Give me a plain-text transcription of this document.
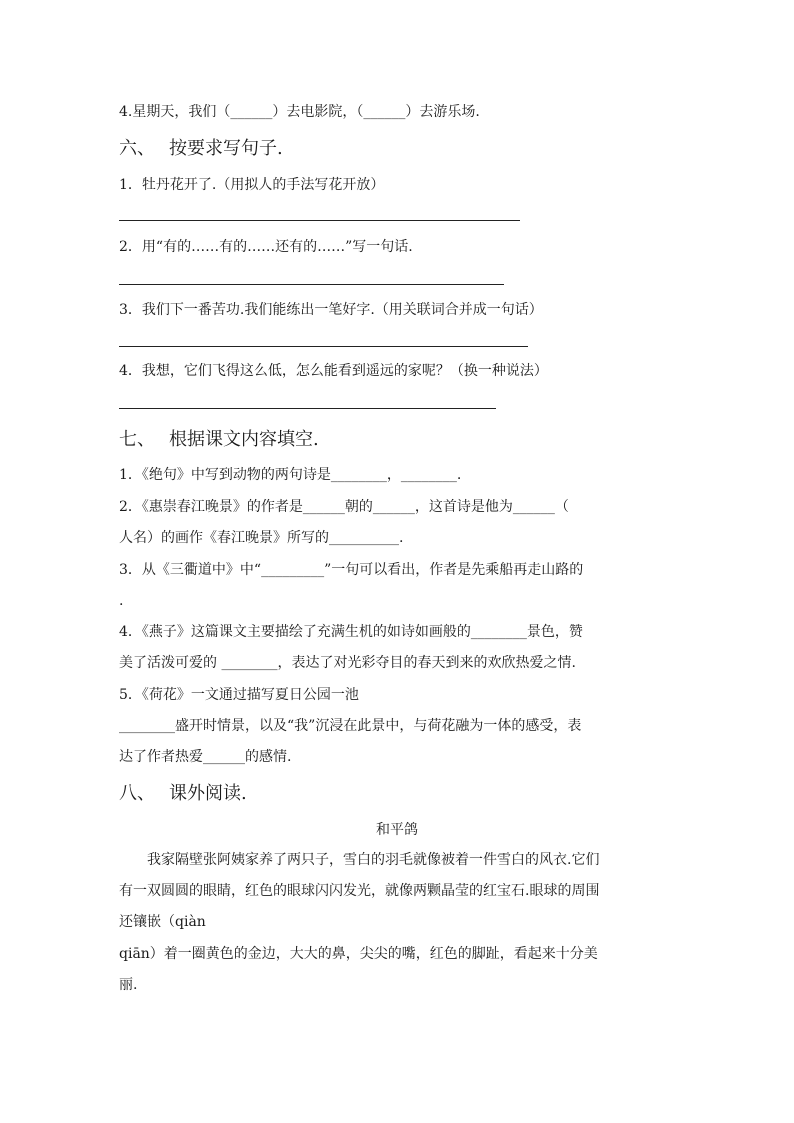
4.星期天，我们（______）去电影院，（______）去游乐场.
六、 按要求写句子.
1．牡丹花开了.（用拟人的手法写花开放）
2．用“有的……有的……还有的……”写一句话.
3．我们下一番苦功.我们能练出一笔好字.（用关联词合并成一句话）
4．我想，它们飞得这么低，怎么能看到遥远的家呢？（换一种说法）
七、 根据课文内容填空.
1．《绝句》中写到动物的两句诗是________，________.
2．《惠崇春江晚景》的作者是______朝的______，这首诗是他为______（
人名）的画作《春江晚景》所写的__________.
3．从《三衢道中》中“_________”一句可以看出，作者是先乘船再走山路的
.
4．《燕子》这篇课文主要描绘了充满生机的如诗如画般的________景色，赞
美了活泼可爱的 ________，表达了对光彩夺目的春天到来的欢欣热爱之情.
5．《荷花》一文通过描写夏日公园一池
________盛开时情景，以及“我”沉浸在此景中，与荷花融为一体的感受，表
达了作者热爱______的感情.
八、 课外阅读.
和平鸽
　　我家隔壁张阿姨家养了两只子，雪白的羽毛就像被着一件雪白的风衣.它们
有一双圆圆的眼睛，红色的眼球闪闪发光，就像两颗晶莹的红宝石.眼球的周围
还镶嵌（qiàn
qiān）着一圈黄色的金边，大大的鼻，尖尖的嘴，红色的脚趾，看起来十分美
丽.
